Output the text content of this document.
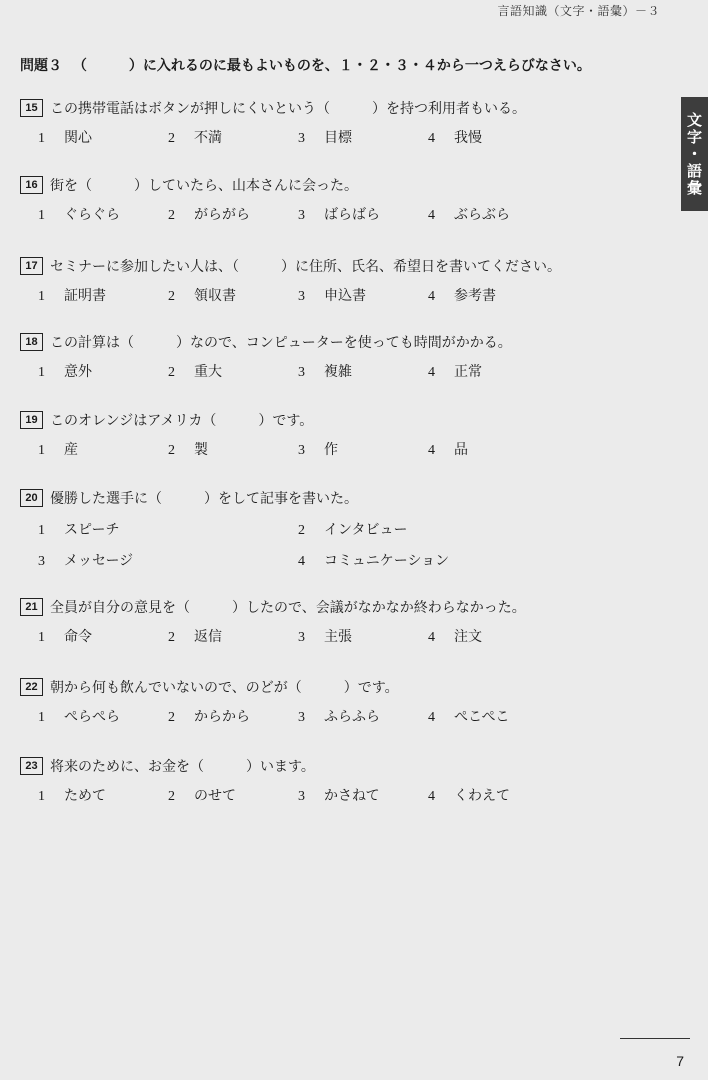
言語知識（文字・語彙）－３
文字・語彙
問題３ （　　　）に入れるのに最もよいものを、１・２・３・４から一つえらびなさい。
15 この携帯電話はボタンが押しにくいという（　　　）を持つ利用者もいる。
1 関心	2 不満	3 目標	4 我慢
16 街を（　　　）していたら、山本さんに会った。
1 ぐらぐら	2 がらがら	3 ばらばら	4 ぶらぶら
17 セミナーに参加したい人は、（　　　）に住所、氏名、希望日を書いてください。
1 証明書	2 領収書	3 申込書	4 参考書
18 この計算は（　　　）なので、コンピューターを使っても時間がかかる。
1 意外	2 重大	3 複雑	4 正常
19 このオレンジはアメリカ（　　　）です。
1 産	2 製	3 作	4 品
20 優勝した選手に（　　　）をして記事を書いた。
1 スピーチ	2 インタビュー
3 メッセージ	4 コミュニケーション
21 全員が自分の意見を（　　　）したので、会議がなかなか終わらなかった。
1 命令	2 返信	3 主張	4 注文
22 朝から何も飲んでいないので、のどが（　　　）です。
1 ぺらぺら	2 からから	3 ふらふら	4 ぺこぺこ
23 将来のために、お金を（　　　）います。
1 ためて	2 のせて	3 かさねて	4 くわえて
7
